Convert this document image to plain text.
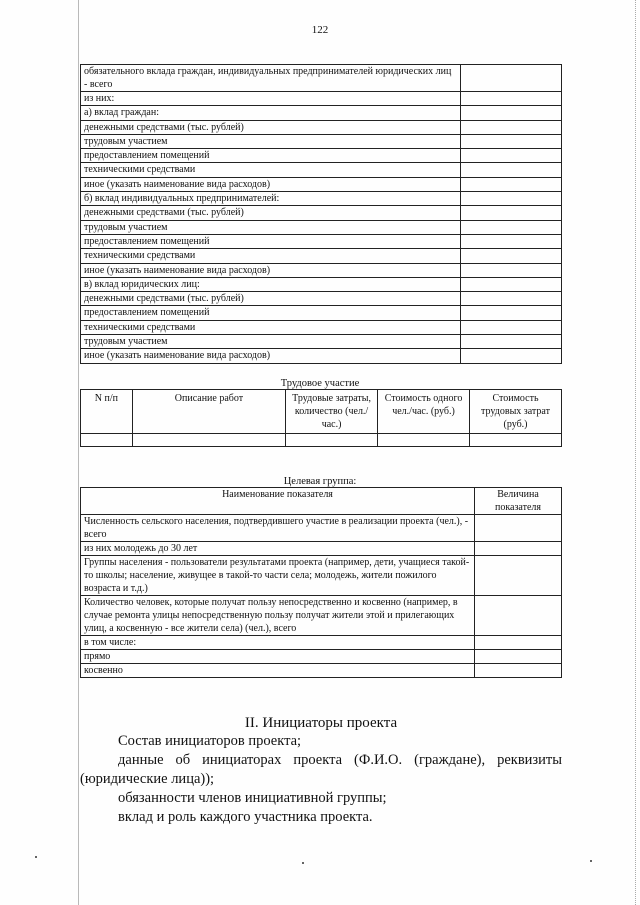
122
обязательного вклада граждан, индивидуальных предпринимателей юридических лиц - всего	
из них:	
а) вклад граждан:	
денежными средствами (тыс. рублей)	
трудовым участием	
предоставлением помещений	
техническими средствами	
иное (указать наименование вида расходов)	
б) вклад индивидуальных предпринимателей:	
денежными средствами (тыс. рублей)	
трудовым участием	
предоставлением помещений	
техническими средствами	
иное (указать наименование вида расходов)	
в) вклад юридических лиц:	
денежными средствами (тыс. рублей)	
предоставлением помещений	
техническими средствами	
трудовым участием	
иное (указать наименование вида расходов)	
Трудовое участие
N п/п	Описание работ	Трудовые затраты, количество (чел./час.)	Стоимость одного чел./час. (руб.)	Стоимость трудовых затрат (руб.)

Целевая группа:
Наименование показателя	Величина показателя
Численность сельского населения, подтвердившего участие в реализации проекта (чел.), - всего	
из них молодежь до 30 лет	
Группы населения - пользователи результатами проекта (например, дети, учащиеся такой-то школы; население, живущее в такой-то части села; молодежь, жители пожилого возраста и т.д.)	
Количество человек, которые получат пользу непосредственно и косвенно (например, в случае ремонта улицы непосредственную пользу получат жители этой и прилегающих улиц, а косвенную - все жители села) (чел.), всего	
в том числе:	
прямо	
косвенно	
II. Инициаторы проекта
Состав инициаторов проекта;
данные об инициаторах проекта (Ф.И.О. (граждане), реквизиты
(юридические лица));
обязанности членов инициативной группы;
вклад и роль каждого участника проекта.
